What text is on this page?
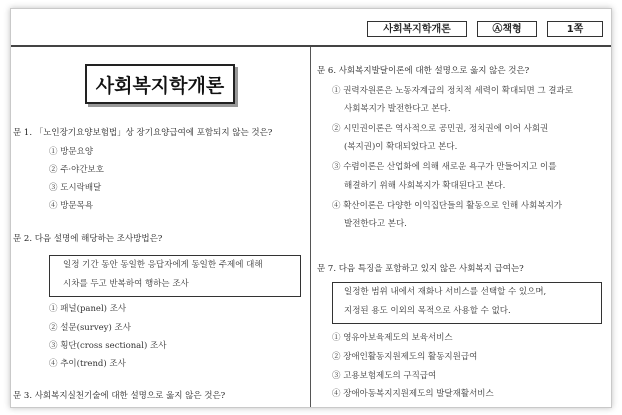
사회복지학개론	Ⓐ책형	1쪽
사회복지학개론
문 1. 「노인장기요양보험법」상 장기요양급여에 포함되지 않는 것은?
① 방문요양
② 주·야간보호
③ 도시락배달
④ 방문목욕
문 2. 다음 설명에 해당하는 조사방법은?
일정 기간 동안 동일한 응답자에게 동일한 주제에 대해
시차를 두고 반복하여 행하는 조사
① 패널(panel) 조사
② 설문(survey) 조사
③ 횡단(cross sectional) 조사
④ 추이(trend) 조사
문 3. 사회복지실천기술에 대한 설명으로 옳지 않은 것은?
문 6. 사회복지발달이론에 대한 설명으로 옳지 않은 것은?
① 권력자원론은 노동자계급의 정치적 세력이 확대되면 그 결과로
사회복지가 발전한다고 본다.
② 시민권이론은 역사적으로 공민권, 정치권에 이어 사회권
(복지권)이 확대되었다고 본다.
③ 수렴이론은 산업화에 의해 새로운 욕구가 만들어지고 이를
해결하기 위해 사회복지가 확대된다고 본다.
④ 확산이론은 다양한 이익집단들의 활동으로 인해 사회복지가
발전한다고 본다.
문 7. 다음 특징을 포함하고 있지 않은 사회복지 급여는?
일정한 범위 내에서 재화나 서비스를 선택할 수 있으며,
지정된 용도 이외의 목적으로 사용할 수 없다.
① 영유아보육제도의 보육서비스
② 장애인활동지원제도의 활동지원급여
③ 고용보험제도의 구직급여
④ 장애아동복지지원제도의 발달재활서비스
